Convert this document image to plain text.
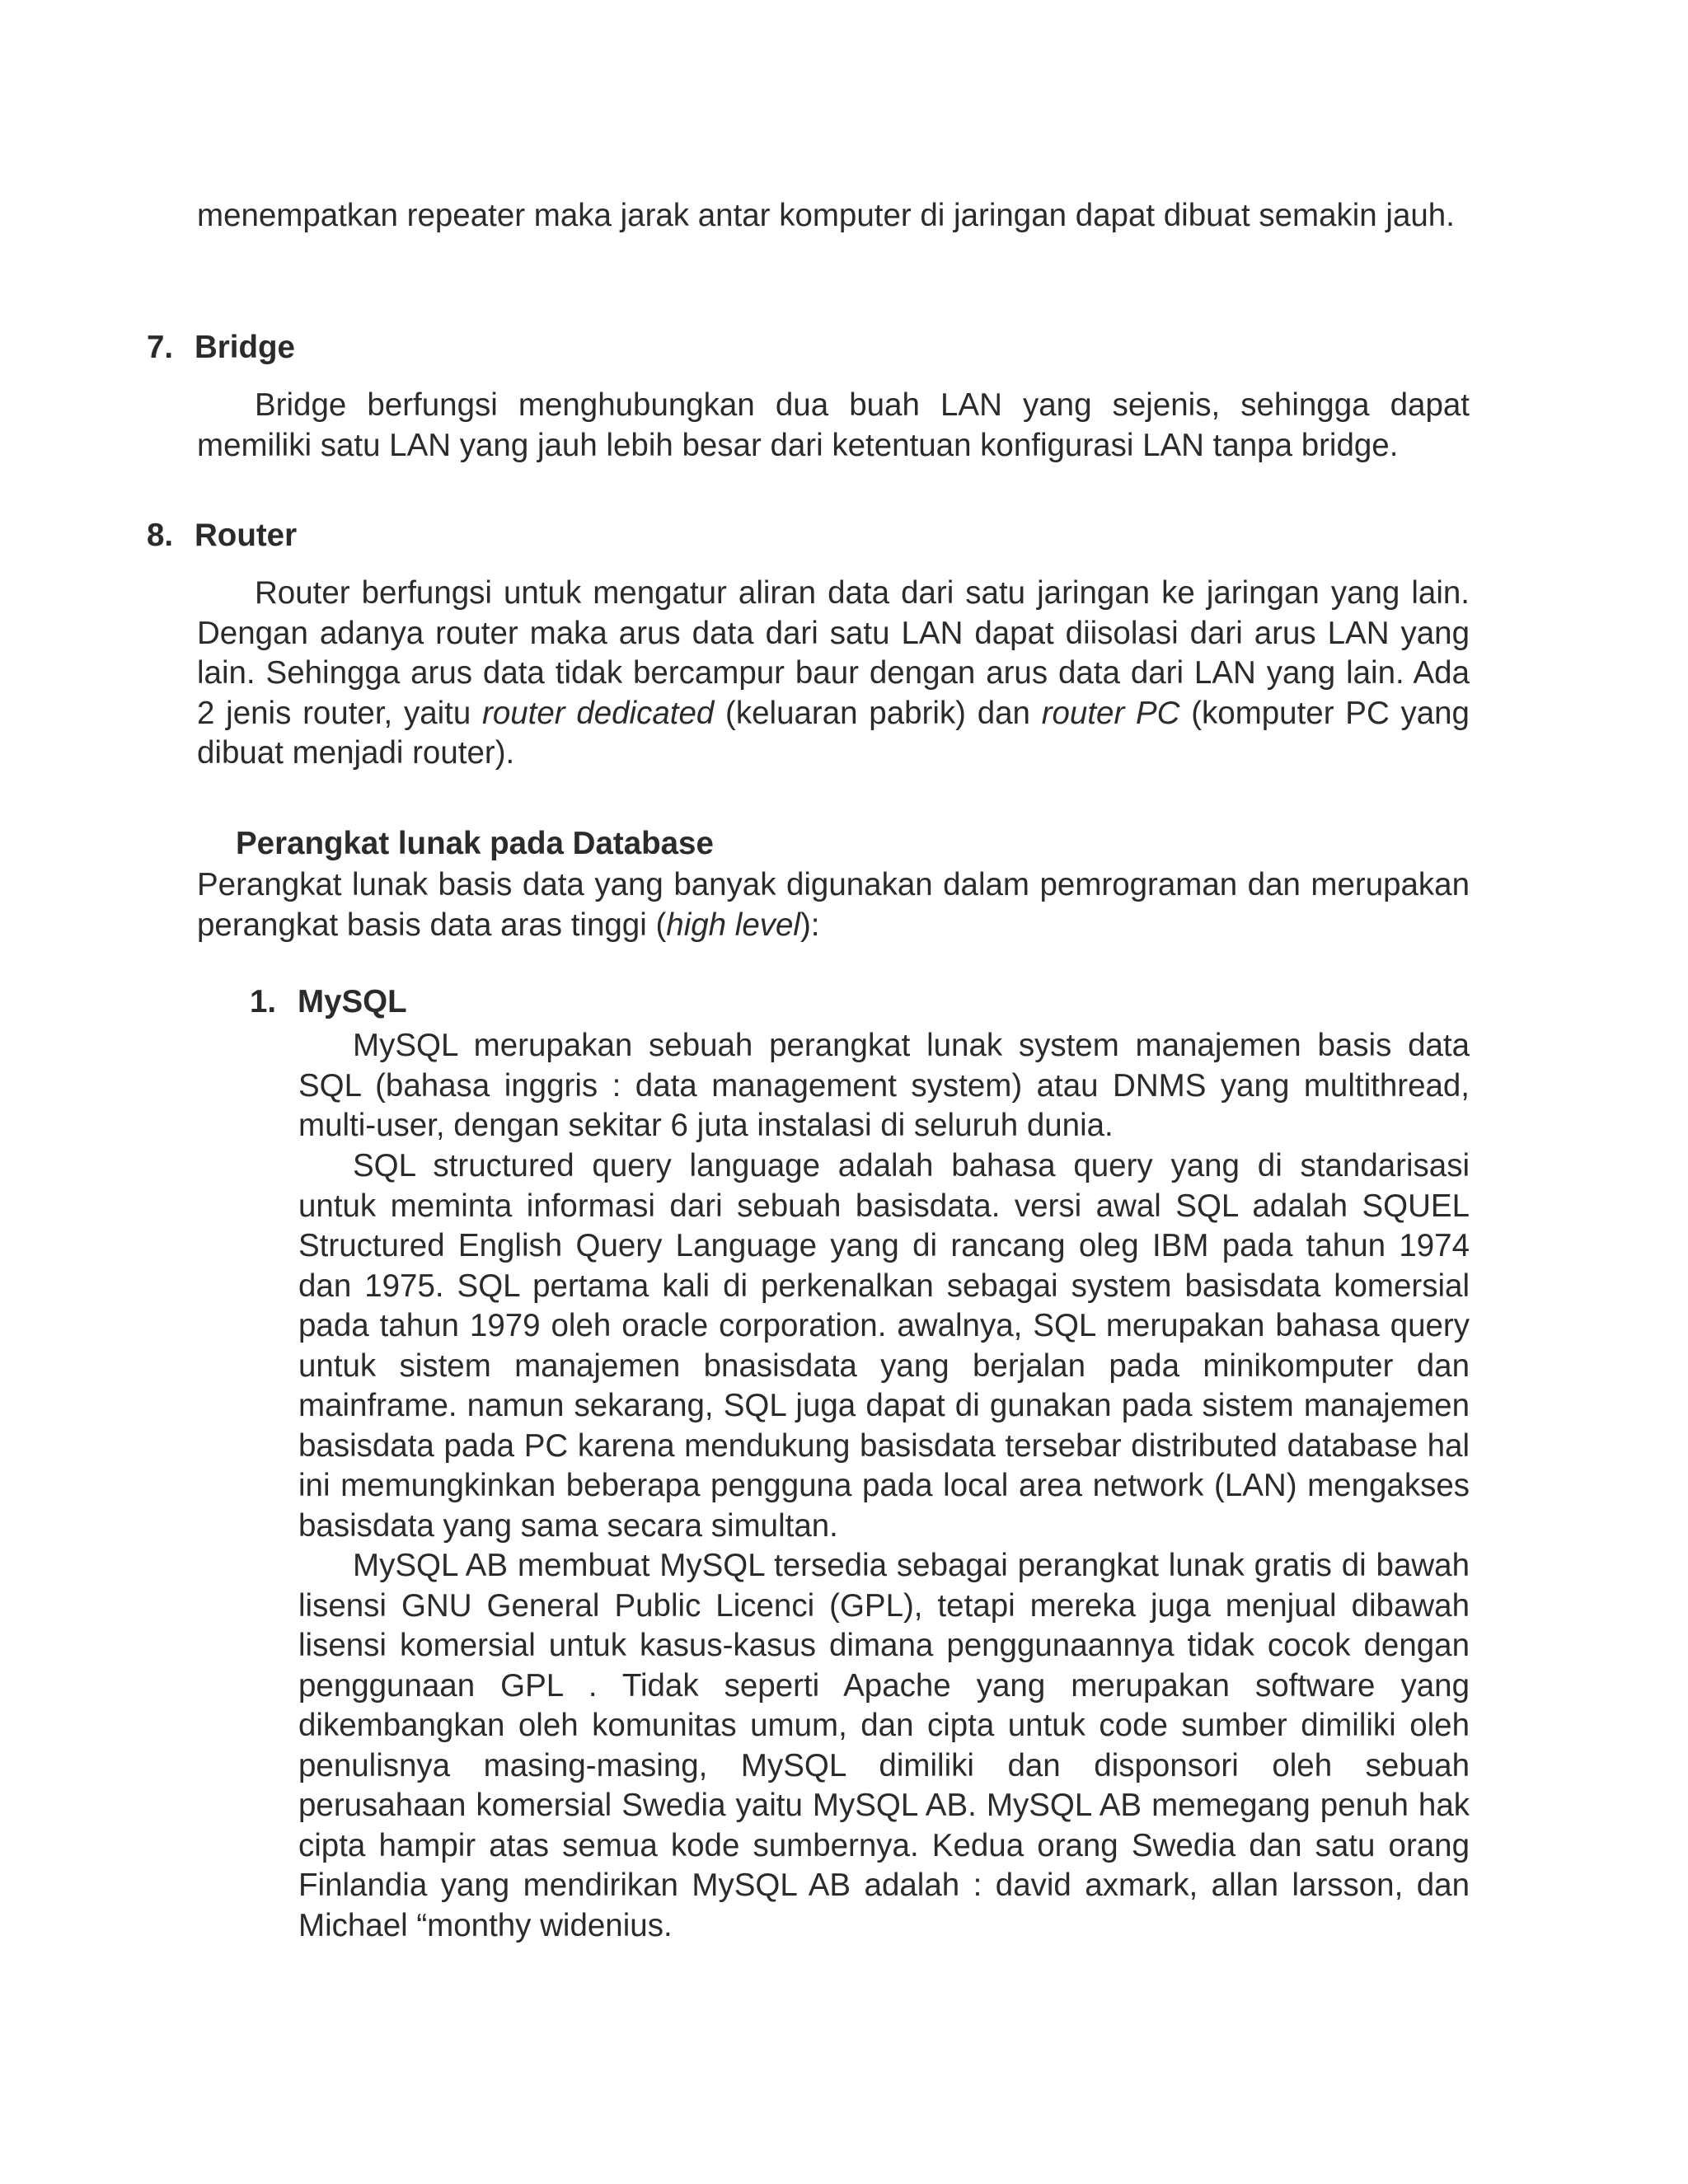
menempatkan repeater maka jarak antar komputer di jaringan dapat dibuat semakin jauh.

7. Bridge

Bridge berfungsi menghubungkan dua buah LAN yang sejenis, sehingga dapat memiliki satu LAN yang jauh lebih besar dari ketentuan konfigurasi LAN tanpa bridge.

8. Router

Router berfungsi untuk mengatur aliran data dari satu jaringan ke jaringan yang lain. Dengan adanya router maka arus data dari satu LAN dapat diisolasi dari arus LAN yang lain. Sehingga arus data tidak bercampur baur dengan arus data dari LAN yang lain. Ada 2 jenis router, yaitu router dedicated (keluaran pabrik) dan router PC (komputer PC yang dibuat menjadi router).

Perangkat lunak pada Database

Perangkat lunak basis data yang banyak digunakan dalam pemrograman dan merupakan perangkat basis data aras tinggi (high level):

1. MySQL

MySQL merupakan sebuah perangkat lunak system manajemen basis data SQL (bahasa inggris : data management system) atau DNMS yang multithread, multi-user, dengan sekitar 6 juta instalasi di seluruh dunia.

SQL structured query language adalah bahasa query yang di standarisasi untuk meminta informasi dari sebuah basisdata. versi awal SQL adalah SQUEL Structured English Query Language yang di rancang oleg IBM pada tahun 1974 dan 1975. SQL pertama kali di perkenalkan sebagai system basisdata komersial pada tahun 1979 oleh oracle corporation. awalnya, SQL merupakan bahasa query untuk sistem manajemen bnasisdata yang berjalan pada minikomputer dan mainframe. namun sekarang, SQL juga dapat di gunakan pada sistem manajemen basisdata pada PC karena mendukung basisdata tersebar distributed database hal ini memungkinkan beberapa pengguna pada local area network (LAN) mengakses basisdata yang sama secara simultan.

MySQL AB membuat MySQL tersedia sebagai perangkat lunak gratis di bawah lisensi GNU General Public Licenci (GPL), tetapi mereka juga menjual dibawah lisensi komersial untuk kasus-kasus dimana penggunaannya tidak cocok dengan penggunaan GPL . Tidak seperti Apache yang merupakan software yang dikembangkan oleh komunitas umum, dan cipta untuk code sumber dimiliki oleh penulisnya masing-masing, MySQL dimiliki dan disponsori oleh sebuah perusahaan komersial Swedia yaitu MySQL AB. MySQL AB memegang penuh hak cipta hampir atas semua kode sumbernya. Kedua orang Swedia dan satu orang Finlandia yang mendirikan MySQL AB adalah : david axmark, allan larsson, dan Michael “monthy widenius.
